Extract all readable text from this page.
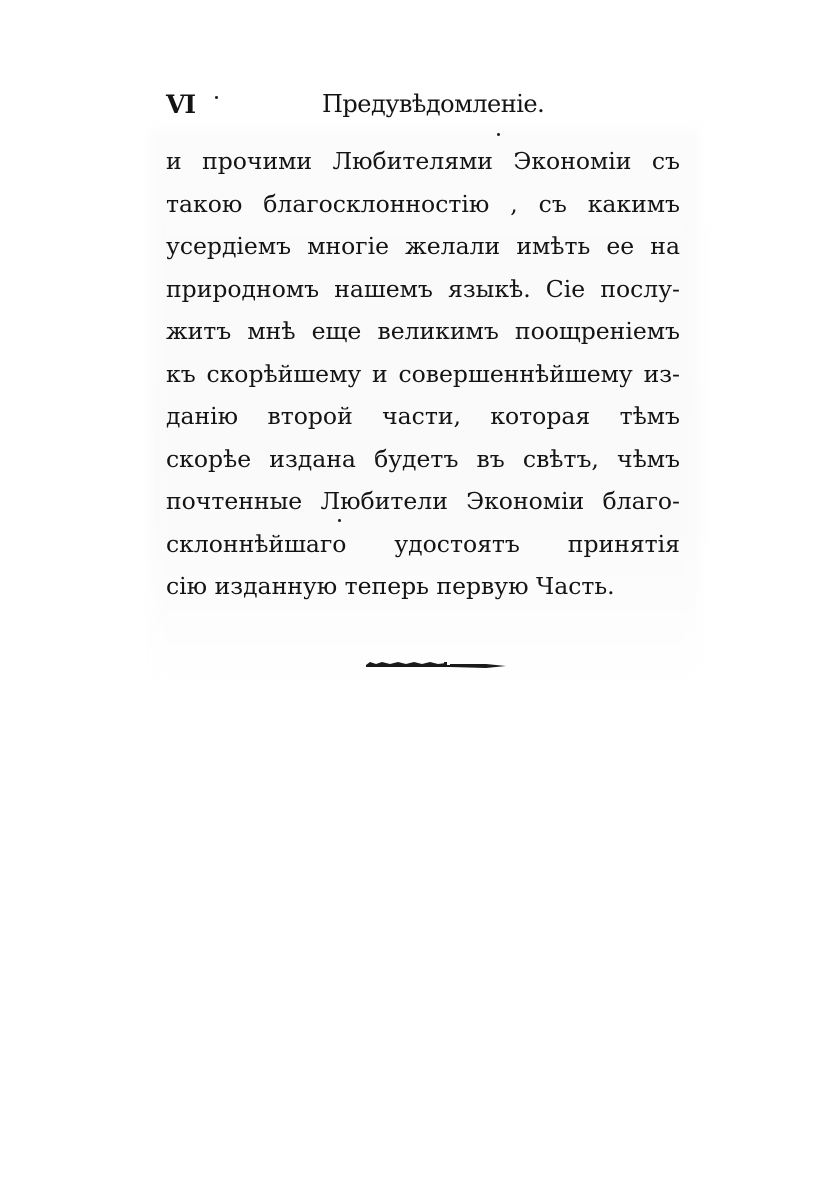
VI	Предувѣдомленіе.
и прочими Любителями Экономіи съ
такою благосклонностію , съ какимъ
усердіемъ многіе желали имѣть ее на
природномъ нашемъ языкѣ. Сіе послу-
житъ мнѣ еще великимъ поощреніемъ
къ скорѣйшему и совершеннѣйшему из-
данію второй части, которая тѣмъ
скорѣе издана будетъ въ свѣтъ, чѣмъ
почтенные Любители Экономіи благо-
склоннѣйшаго удостоятъ принятія
сію изданную теперь первую Часть.
